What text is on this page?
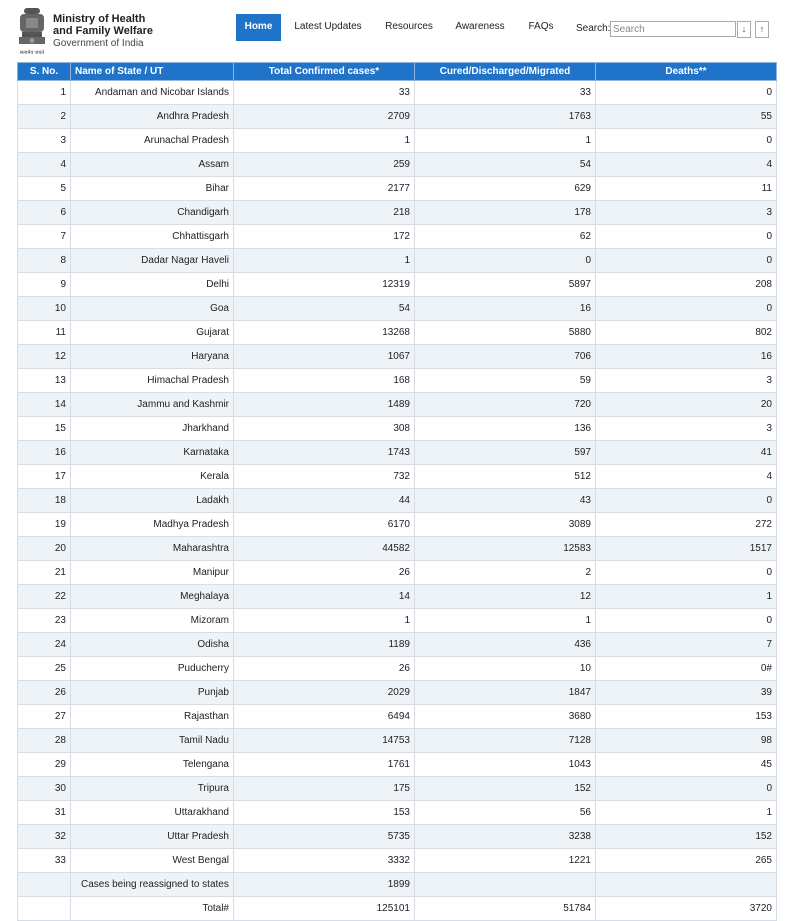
सत्यमेव जयते
Ministry of Health
and Family Welfare
Government of India
Home	Latest Updates	Resources	Awareness	FAQs	Search:
Search	↓	↑
S. No.	Name of State / UT	Total Confirmed cases*	Cured/Discharged/Migrated	Deaths**
1	Andaman and Nicobar Islands	33	33	0
2	Andhra Pradesh	2709	1763	55
3	Arunachal Pradesh	1	1	0
4	Assam	259	54	4
5	Bihar	2177	629	11
6	Chandigarh	218	178	3
7	Chhattisgarh	172	62	0
8	Dadar Nagar Haveli	1	0	0
9	Delhi	12319	5897	208
10	Goa	54	16	0
11	Gujarat	13268	5880	802
12	Haryana	1067	706	16
13	Himachal Pradesh	168	59	3
14	Jammu and Kashmir	1489	720	20
15	Jharkhand	308	136	3
16	Karnataka	1743	597	41
17	Kerala	732	512	4
18	Ladakh	44	43	0
19	Madhya Pradesh	6170	3089	272
20	Maharashtra	44582	12583	1517
21	Manipur	26	2	0
22	Meghalaya	14	12	1
23	Mizoram	1	1	0
24	Odisha	1189	436	7
25	Puducherry	26	10	0#
26	Punjab	2029	1847	39
27	Rajasthan	6494	3680	153
28	Tamil Nadu	14753	7128	98
29	Telengana	1761	1043	45
30	Tripura	175	152	0
31	Uttarakhand	153	56	1
32	Uttar Pradesh	5735	3238	152
33	West Bengal	3332	1221	265
	Cases being reassigned to states	1899		
	Total#	125101	51784	3720
